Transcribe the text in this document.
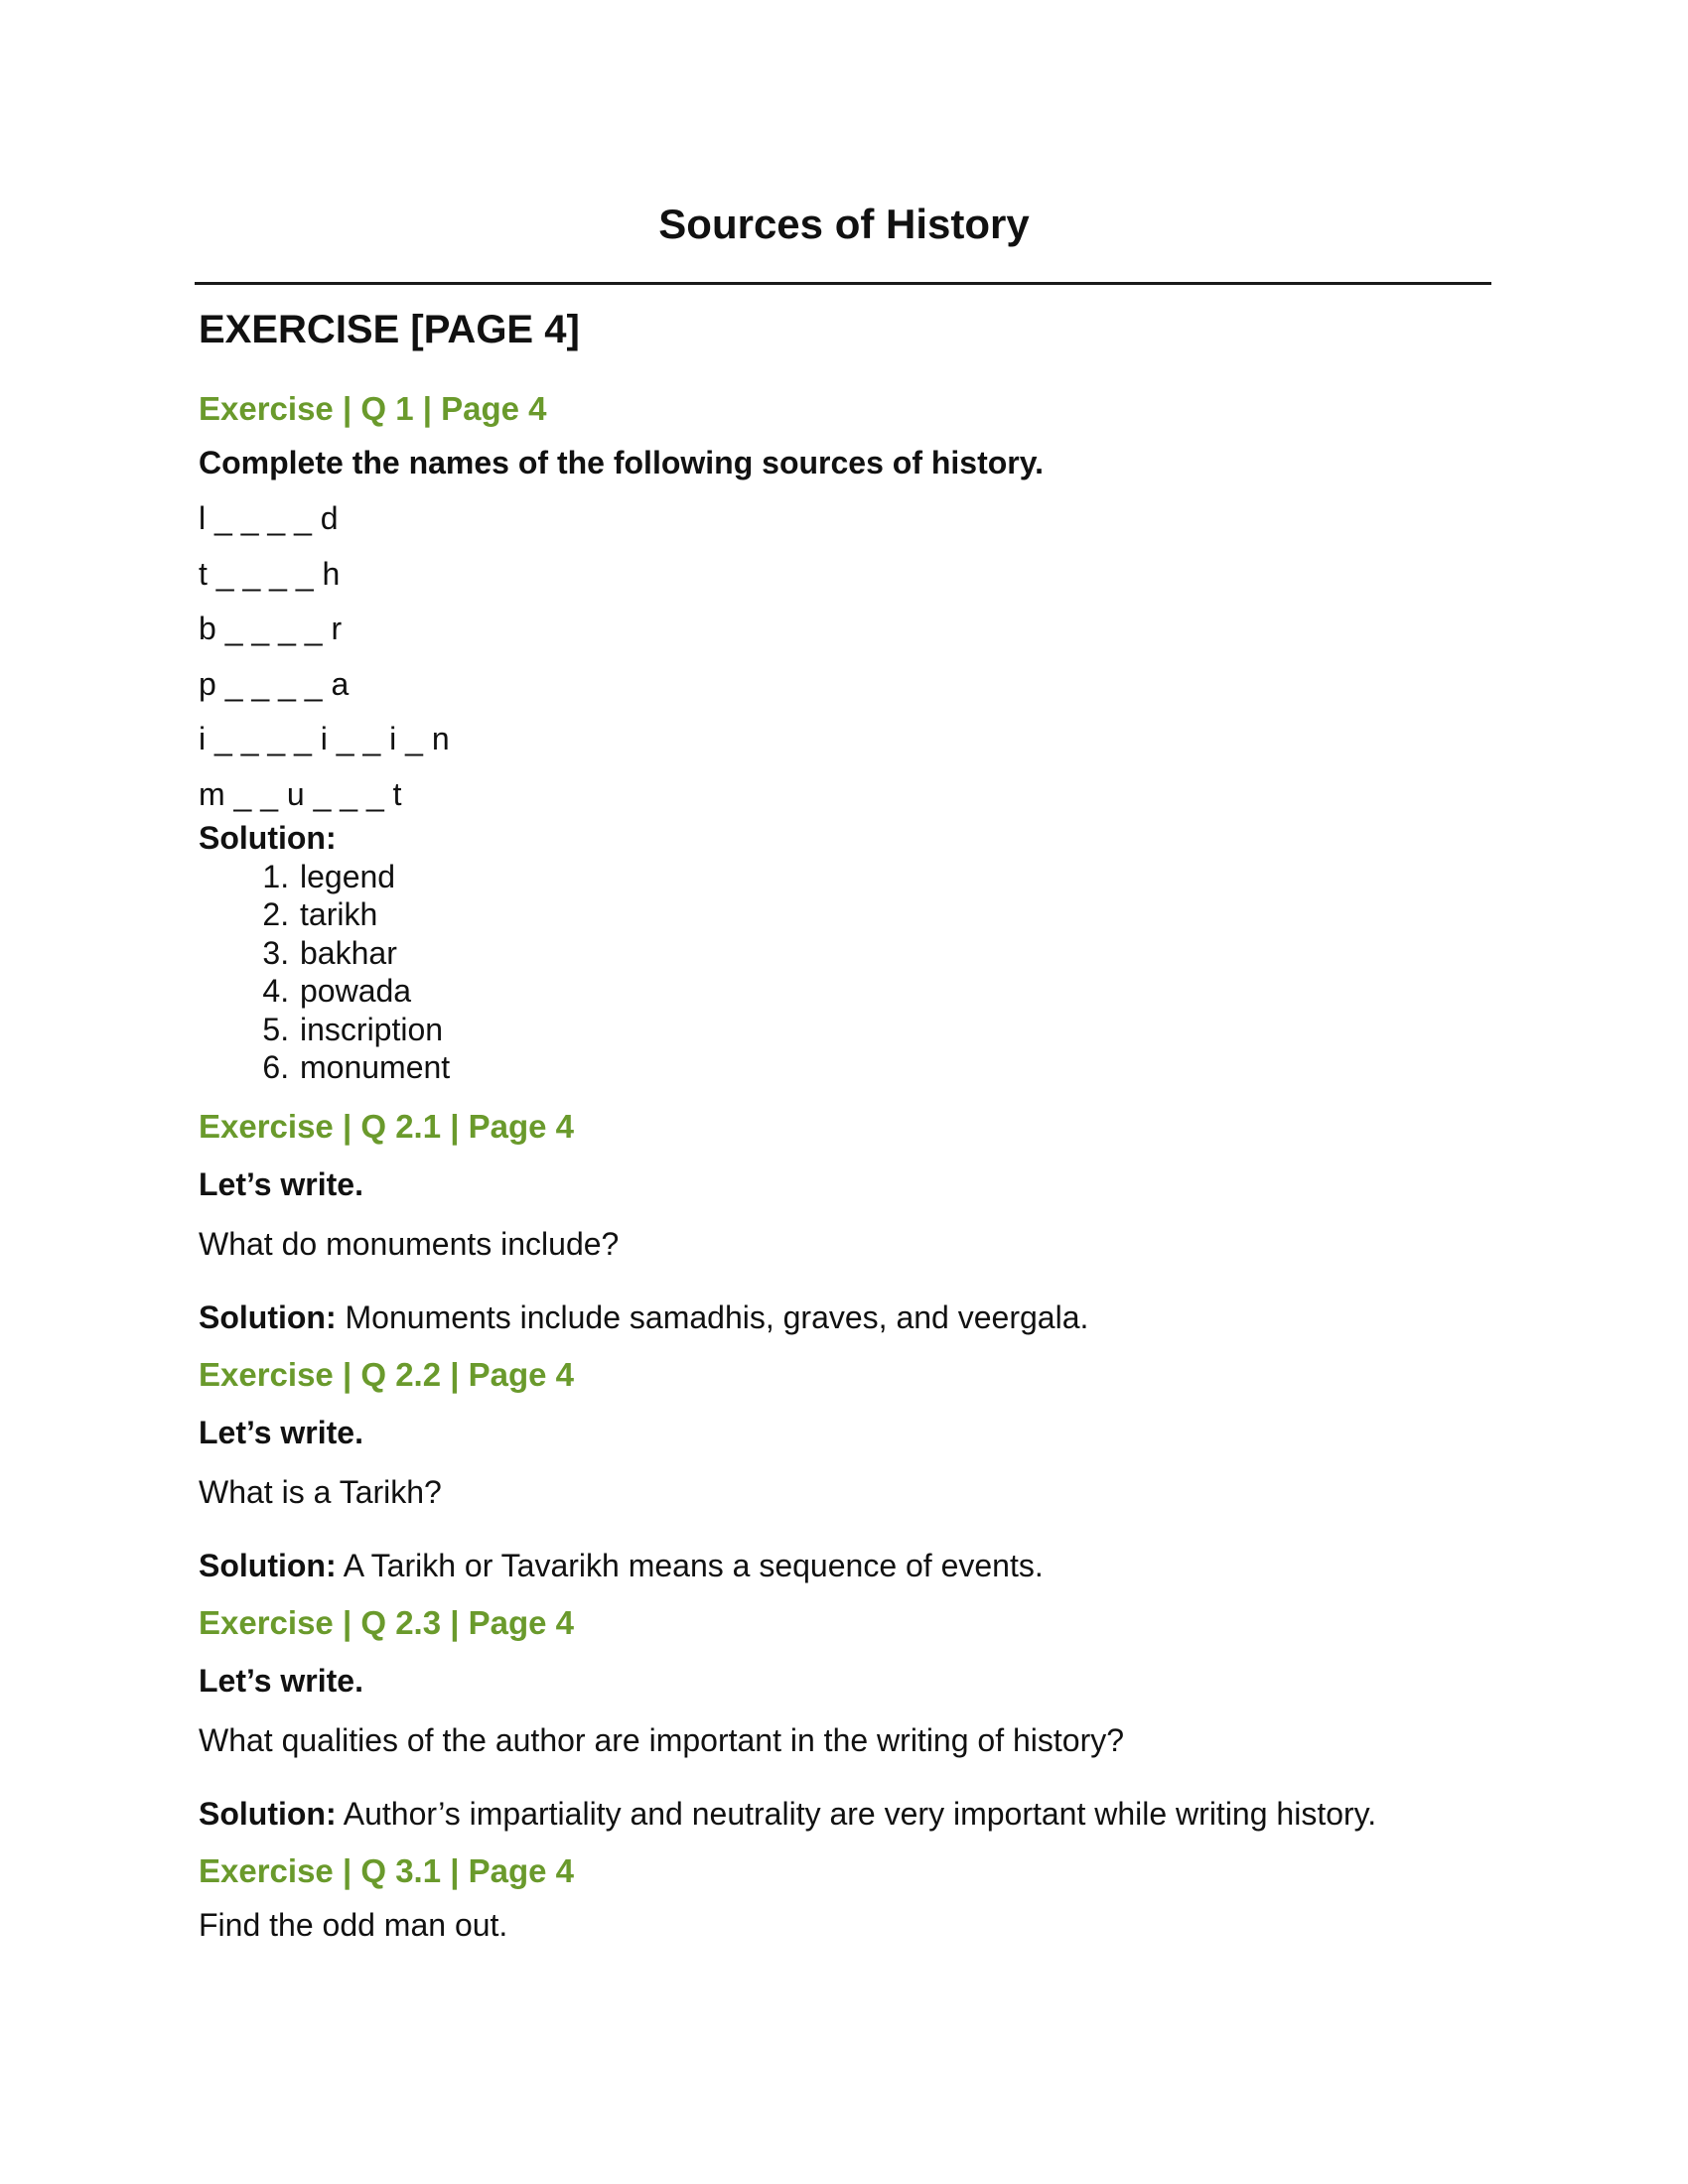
Sources of History
EXERCISE [PAGE 4]
Exercise | Q 1 | Page 4

Complete the names of the following sources of history.

l _ _ _ _ d
t _ _ _ _ h
b _ _ _ _ r
p _ _ _ _ a
i _ _ _ _ i _ _ i _ n
m _ _ u _ _ _ t

Solution:

1. legend
2. tarikh
3. bakhar
4. powada
5. inscription
6. monument
Exercise | Q 2.1 | Page 4

Let’s write.

What do monuments include?

Solution: Monuments include samadhis, graves, and veergala.

Exercise | Q 2.2 | Page 4

Let’s write.

What is a Tarikh?

Solution: A Tarikh or Tavarikh means a sequence of events.

Exercise | Q 2.3 | Page 4

Let’s write.

What qualities of the author are important in the writing of history?

Solution: Author’s impartiality and neutrality are very important while writing history.

Exercise | Q 3.1 | Page 4

Find the odd man out.
